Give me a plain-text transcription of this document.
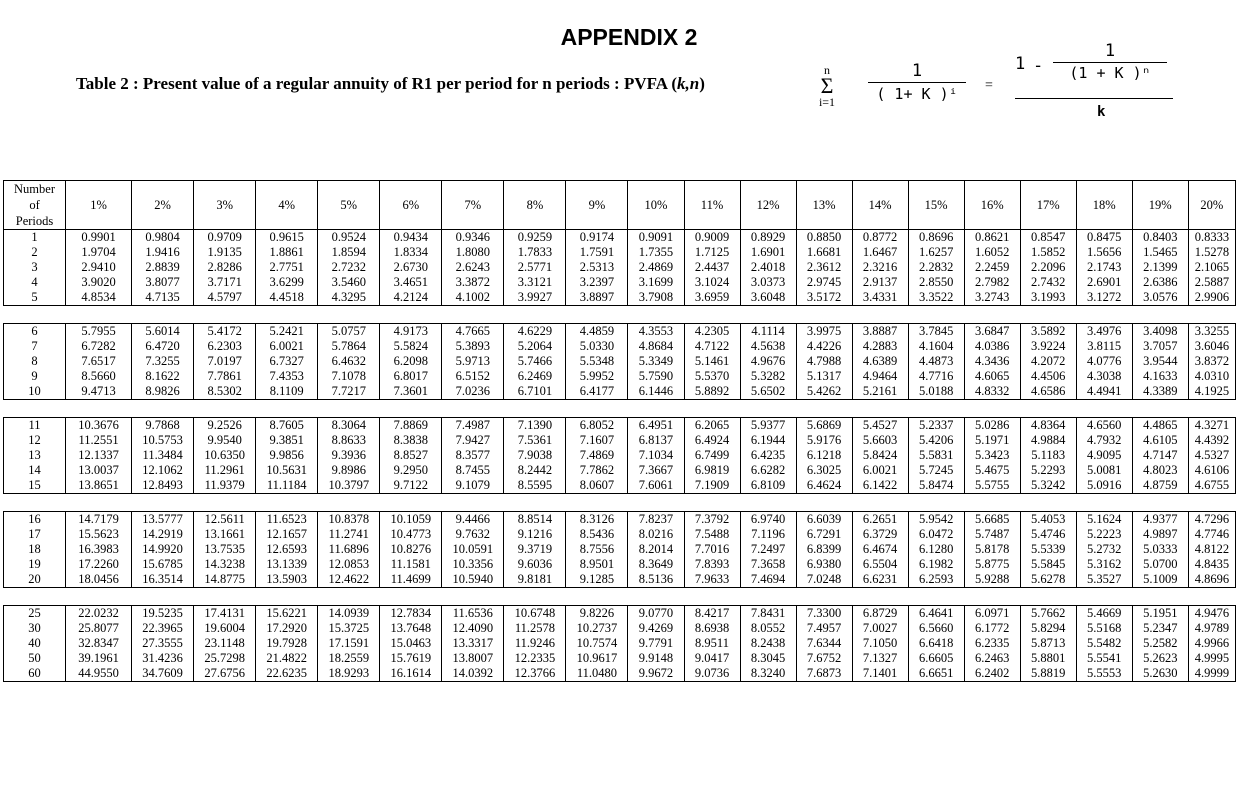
APPENDIX 2
Table 2 : Present value of a regular annuity of R1 per period for n periods : PVFA (k,n)
n
Σ
i=1
1
( 1+ K )ⁱ	=
1 -
1
(1 + K )ⁿ
k
Number
of
Periods	1%	2%	3%	4%	5%	6%	7%	8%	9%	10%	11%	12%	13%	14%	15%	16%	17%	18%	19%	20%
1	0.9901	0.9804	0.9709	0.9615	0.9524	0.9434	0.9346	0.9259	0.9174	0.9091	0.9009	0.8929	0.8850	0.8772	0.8696	0.8621	0.8547	0.8475	0.8403	0.8333
2	1.9704	1.9416	1.9135	1.8861	1.8594	1.8334	1.8080	1.7833	1.7591	1.7355	1.7125	1.6901	1.6681	1.6467	1.6257	1.6052	1.5852	1.5656	1.5465	1.5278
3	2.9410	2.8839	2.8286	2.7751	2.7232	2.6730	2.6243	2.5771	2.5313	2.4869	2.4437	2.4018	2.3612	2.3216	2.2832	2.2459	2.2096	2.1743	2.1399	2.1065
4	3.9020	3.8077	3.7171	3.6299	3.5460	3.4651	3.3872	3.3121	3.2397	3.1699	3.1024	3.0373	2.9745	2.9137	2.8550	2.7982	2.7432	2.6901	2.6386	2.5887
5	4.8534	4.7135	4.5797	4.4518	4.3295	4.2124	4.1002	3.9927	3.8897	3.7908	3.6959	3.6048	3.5172	3.4331	3.3522	3.2743	3.1993	3.1272	3.0576	2.9906

6	5.7955	5.6014	5.4172	5.2421	5.0757	4.9173	4.7665	4.6229	4.4859	4.3553	4.2305	4.1114	3.9975	3.8887	3.7845	3.6847	3.5892	3.4976	3.4098	3.3255
7	6.7282	6.4720	6.2303	6.0021	5.7864	5.5824	5.3893	5.2064	5.0330	4.8684	4.7122	4.5638	4.4226	4.2883	4.1604	4.0386	3.9224	3.8115	3.7057	3.6046
8	7.6517	7.3255	7.0197	6.7327	6.4632	6.2098	5.9713	5.7466	5.5348	5.3349	5.1461	4.9676	4.7988	4.6389	4.4873	4.3436	4.2072	4.0776	3.9544	3.8372
9	8.5660	8.1622	7.7861	7.4353	7.1078	6.8017	6.5152	6.2469	5.9952	5.7590	5.5370	5.3282	5.1317	4.9464	4.7716	4.6065	4.4506	4.3038	4.1633	4.0310
10	9.4713	8.9826	8.5302	8.1109	7.7217	7.3601	7.0236	6.7101	6.4177	6.1446	5.8892	5.6502	5.4262	5.2161	5.0188	4.8332	4.6586	4.4941	4.3389	4.1925

11	10.3676	9.7868	9.2526	8.7605	8.3064	7.8869	7.4987	7.1390	6.8052	6.4951	6.2065	5.9377	5.6869	5.4527	5.2337	5.0286	4.8364	4.6560	4.4865	4.3271
12	11.2551	10.5753	9.9540	9.3851	8.8633	8.3838	7.9427	7.5361	7.1607	6.8137	6.4924	6.1944	5.9176	5.6603	5.4206	5.1971	4.9884	4.7932	4.6105	4.4392
13	12.1337	11.3484	10.6350	9.9856	9.3936	8.8527	8.3577	7.9038	7.4869	7.1034	6.7499	6.4235	6.1218	5.8424	5.5831	5.3423	5.1183	4.9095	4.7147	4.5327
14	13.0037	12.1062	11.2961	10.5631	9.8986	9.2950	8.7455	8.2442	7.7862	7.3667	6.9819	6.6282	6.3025	6.0021	5.7245	5.4675	5.2293	5.0081	4.8023	4.6106
15	13.8651	12.8493	11.9379	11.1184	10.3797	9.7122	9.1079	8.5595	8.0607	7.6061	7.1909	6.8109	6.4624	6.1422	5.8474	5.5755	5.3242	5.0916	4.8759	4.6755

16	14.7179	13.5777	12.5611	11.6523	10.8378	10.1059	9.4466	8.8514	8.3126	7.8237	7.3792	6.9740	6.6039	6.2651	5.9542	5.6685	5.4053	5.1624	4.9377	4.7296
17	15.5623	14.2919	13.1661	12.1657	11.2741	10.4773	9.7632	9.1216	8.5436	8.0216	7.5488	7.1196	6.7291	6.3729	6.0472	5.7487	5.4746	5.2223	4.9897	4.7746
18	16.3983	14.9920	13.7535	12.6593	11.6896	10.8276	10.0591	9.3719	8.7556	8.2014	7.7016	7.2497	6.8399	6.4674	6.1280	5.8178	5.5339	5.2732	5.0333	4.8122
19	17.2260	15.6785	14.3238	13.1339	12.0853	11.1581	10.3356	9.6036	8.9501	8.3649	7.8393	7.3658	6.9380	6.5504	6.1982	5.8775	5.5845	5.3162	5.0700	4.8435
20	18.0456	16.3514	14.8775	13.5903	12.4622	11.4699	10.5940	9.8181	9.1285	8.5136	7.9633	7.4694	7.0248	6.6231	6.2593	5.9288	5.6278	5.3527	5.1009	4.8696

25	22.0232	19.5235	17.4131	15.6221	14.0939	12.7834	11.6536	10.6748	9.8226	9.0770	8.4217	7.8431	7.3300	6.8729	6.4641	6.0971	5.7662	5.4669	5.1951	4.9476
30	25.8077	22.3965	19.6004	17.2920	15.3725	13.7648	12.4090	11.2578	10.2737	9.4269	8.6938	8.0552	7.4957	7.0027	6.5660	6.1772	5.8294	5.5168	5.2347	4.9789
40	32.8347	27.3555	23.1148	19.7928	17.1591	15.0463	13.3317	11.9246	10.7574	9.7791	8.9511	8.2438	7.6344	7.1050	6.6418	6.2335	5.8713	5.5482	5.2582	4.9966
50	39.1961	31.4236	25.7298	21.4822	18.2559	15.7619	13.8007	12.2335	10.9617	9.9148	9.0417	8.3045	7.6752	7.1327	6.6605	6.2463	5.8801	5.5541	5.2623	4.9995
60	44.9550	34.7609	27.6756	22.6235	18.9293	16.1614	14.0392	12.3766	11.0480	9.9672	9.0736	8.3240	7.6873	7.1401	6.6651	6.2402	5.8819	5.5553	5.2630	4.9999
